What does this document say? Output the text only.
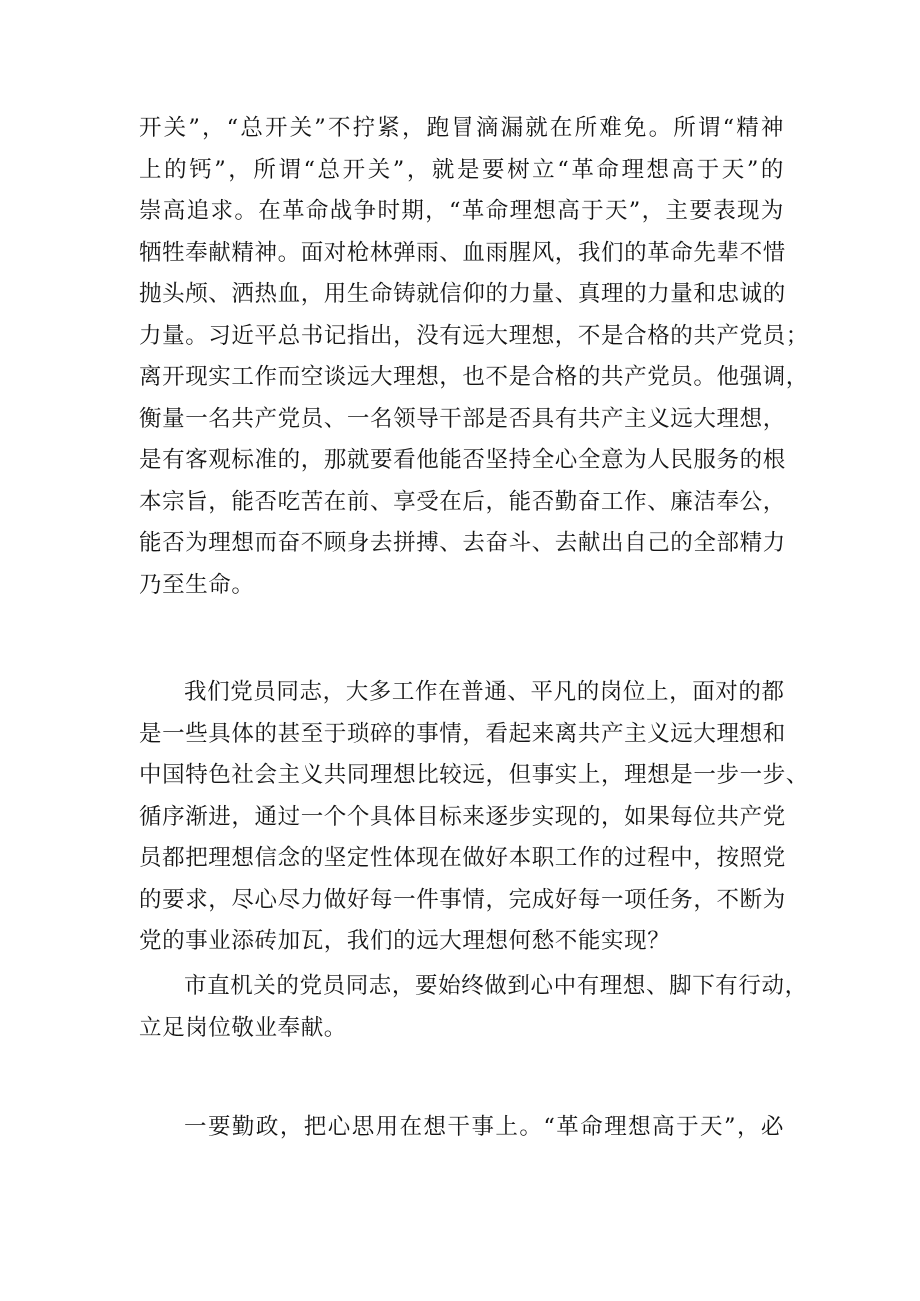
开关”，“总开关”不拧紧，跑冒滴漏就在所难免。所谓“精神
上的钙”，所谓“总开关”，就是要树立“革命理想高于天”的
崇高追求。在革命战争时期，“革命理想高于天”，主要表现为
牺牲奉献精神。面对枪林弹雨、血雨腥风，我们的革命先辈不惜
抛头颅、洒热血，用生命铸就信仰的力量、真理的力量和忠诚的
力量。习近平总书记指出，没有远大理想，不是合格的共产党员；
离开现实工作而空谈远大理想，也不是合格的共产党员。他强调，
衡量一名共产党员、一名领导干部是否具有共产主义远大理想，
是有客观标准的，那就要看他能否坚持全心全意为人民服务的根
本宗旨，能否吃苦在前、享受在后，能否勤奋工作、廉洁奉公，
能否为理想而奋不顾身去拼搏、去奋斗、去献出自己的全部精力
乃至生命。
我们党员同志，大多工作在普通、平凡的岗位上，面对的都
是一些具体的甚至于琐碎的事情，看起来离共产主义远大理想和
中国特色社会主义共同理想比较远，但事实上，理想是一步一步、
循序渐进，通过一个个具体目标来逐步实现的，如果每位共产党
员都把理想信念的坚定性体现在做好本职工作的过程中，按照党
的要求，尽心尽力做好每一件事情，完成好每一项任务，不断为
党的事业添砖加瓦，我们的远大理想何愁不能实现？
市直机关的党员同志，要始终做到心中有理想、脚下有行动，
立足岗位敬业奉献。
一要勤政，把心思用在想干事上。“革命理想高于天”，必
